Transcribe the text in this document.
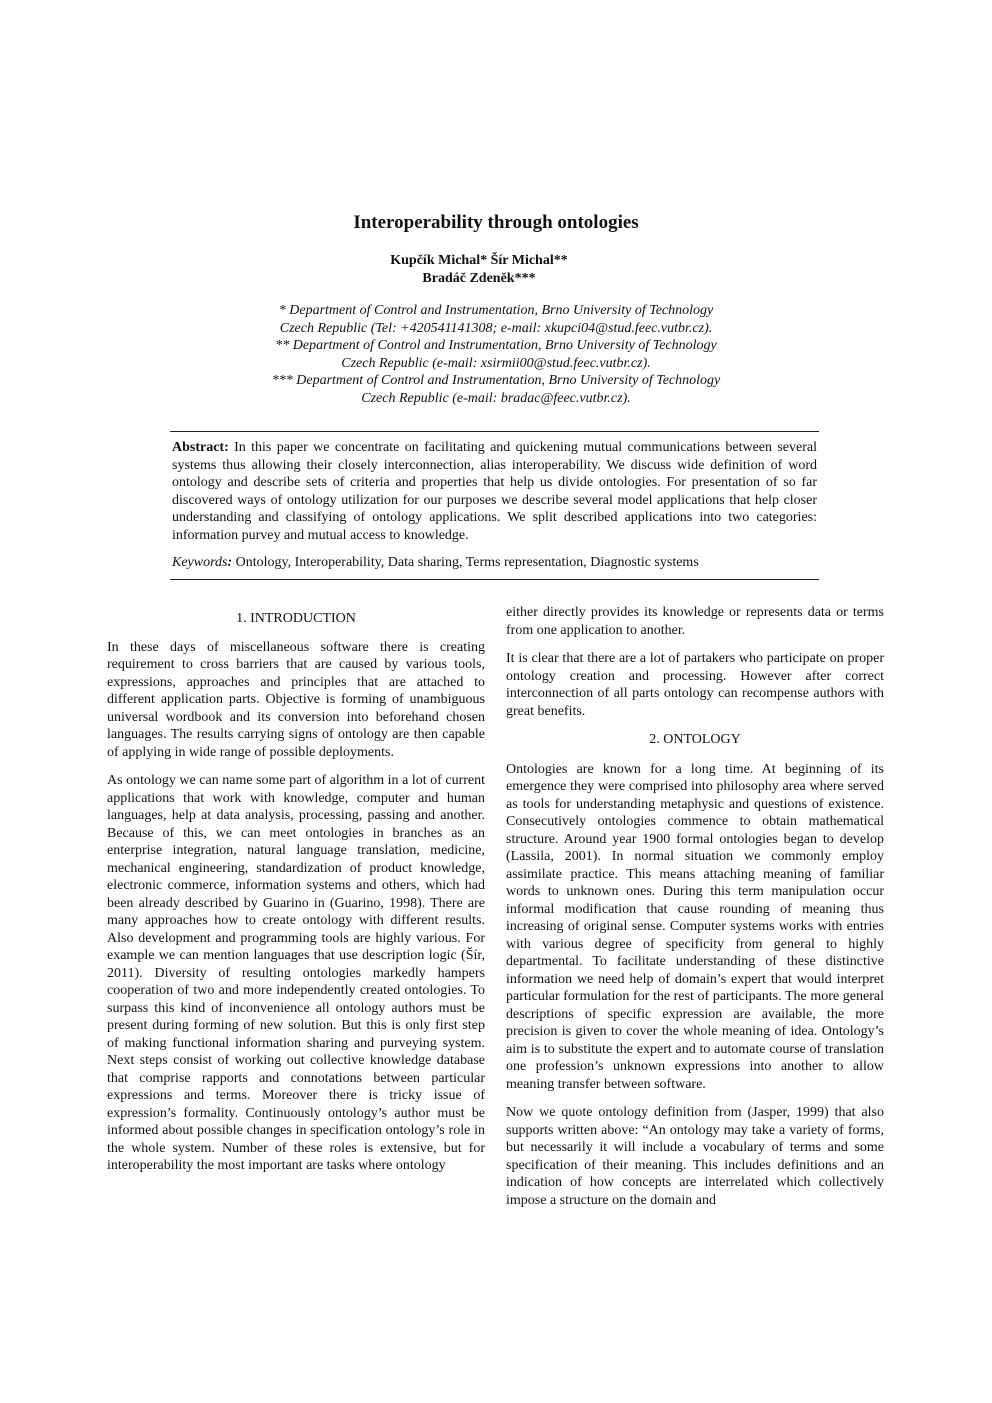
Interoperability through ontologies
Kupčík Michal* Šír Michal**
Bradáč Zdeněk***
* Department of Control and Instrumentation, Brno University of Technology
Czech Republic (Tel: +420541141308; e-mail: xkupci04@stud.feec.vutbr.cz).
** Department of Control and Instrumentation, Brno University of Technology
Czech Republic (e-mail: xsirmii00@stud.feec.vutbr.cz).
*** Department of Control and Instrumentation, Brno University of Technology
Czech Republic (e-mail: bradac@feec.vutbr.cz).
Abstract: In this paper we concentrate on facilitating and quickening mutual communications between several systems thus allowing their closely interconnection, alias interoperability. We discuss wide definition of word ontology and describe sets of criteria and properties that help us divide ontologies. For presentation of so far discovered ways of ontology utilization for our purposes we describe several model applications that help closer understanding and classifying of ontology applications. We split described applications into two categories: information purvey and mutual access to knowledge.
Keywords: Ontology, Interoperability, Data sharing, Terms representation, Diagnostic systems
1. INTRODUCTION

In these days of miscellaneous software there is creating requirement to cross barriers that are caused by various tools, expressions, approaches and principles that are attached to different application parts. Objective is forming of unambiguous universal wordbook and its conversion into beforehand chosen languages. The results carrying signs of ontology are then capable of applying in wide range of possible deployments.

As ontology we can name some part of algorithm in a lot of current applications that work with knowledge, computer and human languages, help at data analysis, processing, passing and another. Because of this, we can meet ontologies in branches as an enterprise integration, natural language translation, medicine, mechanical engineering, standardization of product knowledge, electronic commerce, information systems and others, which had been already described by Guarino in (Guarino, 1998). There are many approaches how to create ontology with different results. Also development and programming tools are highly various. For example we can mention languages that use description logic (Šír, 2011). Diversity of resulting ontologies markedly hampers cooperation of two and more independently created ontologies. To surpass this kind of inconvenience all ontology authors must be present during forming of new solution. But this is only first step of making functional information sharing and purveying system. Next steps consist of working out collective knowledge database that comprise rapports and connotations between particular expressions and terms. Moreover there is tricky issue of expression’s formality. Continuously ontology’s author must be informed about possible changes in specification ontology’s role in the whole system. Number of these roles is extensive, but for interoperability the most important are tasks where ontology

either directly provides its knowledge or represents data or terms from one application to another.

It is clear that there are a lot of partakers who participate on proper ontology creation and processing. However after correct interconnection of all parts ontology can recompense authors with great benefits.

2. ONTOLOGY

Ontologies are known for a long time. At beginning of its emergence they were comprised into philosophy area where served as tools for understanding metaphysic and questions of existence. Consecutively ontologies commence to obtain mathematical structure. Around year 1900 formal ontologies began to develop (Lassila, 2001). In normal situation we commonly employ assimilate practice. This means attaching meaning of familiar words to unknown ones. During this term manipulation occur informal modification that cause rounding of meaning thus increasing of original sense. Computer systems works with entries with various degree of specificity from general to highly departmental. To facilitate understanding of these distinctive information we need help of domain’s expert that would interpret particular formulation for the rest of participants. The more general descriptions of specific expression are available, the more precision is given to cover the whole meaning of idea. Ontology’s aim is to substitute the expert and to automate course of translation one profession’s unknown expressions into another to allow meaning transfer between software.

Now we quote ontology definition from (Jasper, 1999) that also supports written above: “An ontology may take a variety of forms, but necessarily it will include a vocabulary of terms and some specification of their meaning. This includes definitions and an indication of how concepts are interrelated which collectively impose a structure on the domain and
